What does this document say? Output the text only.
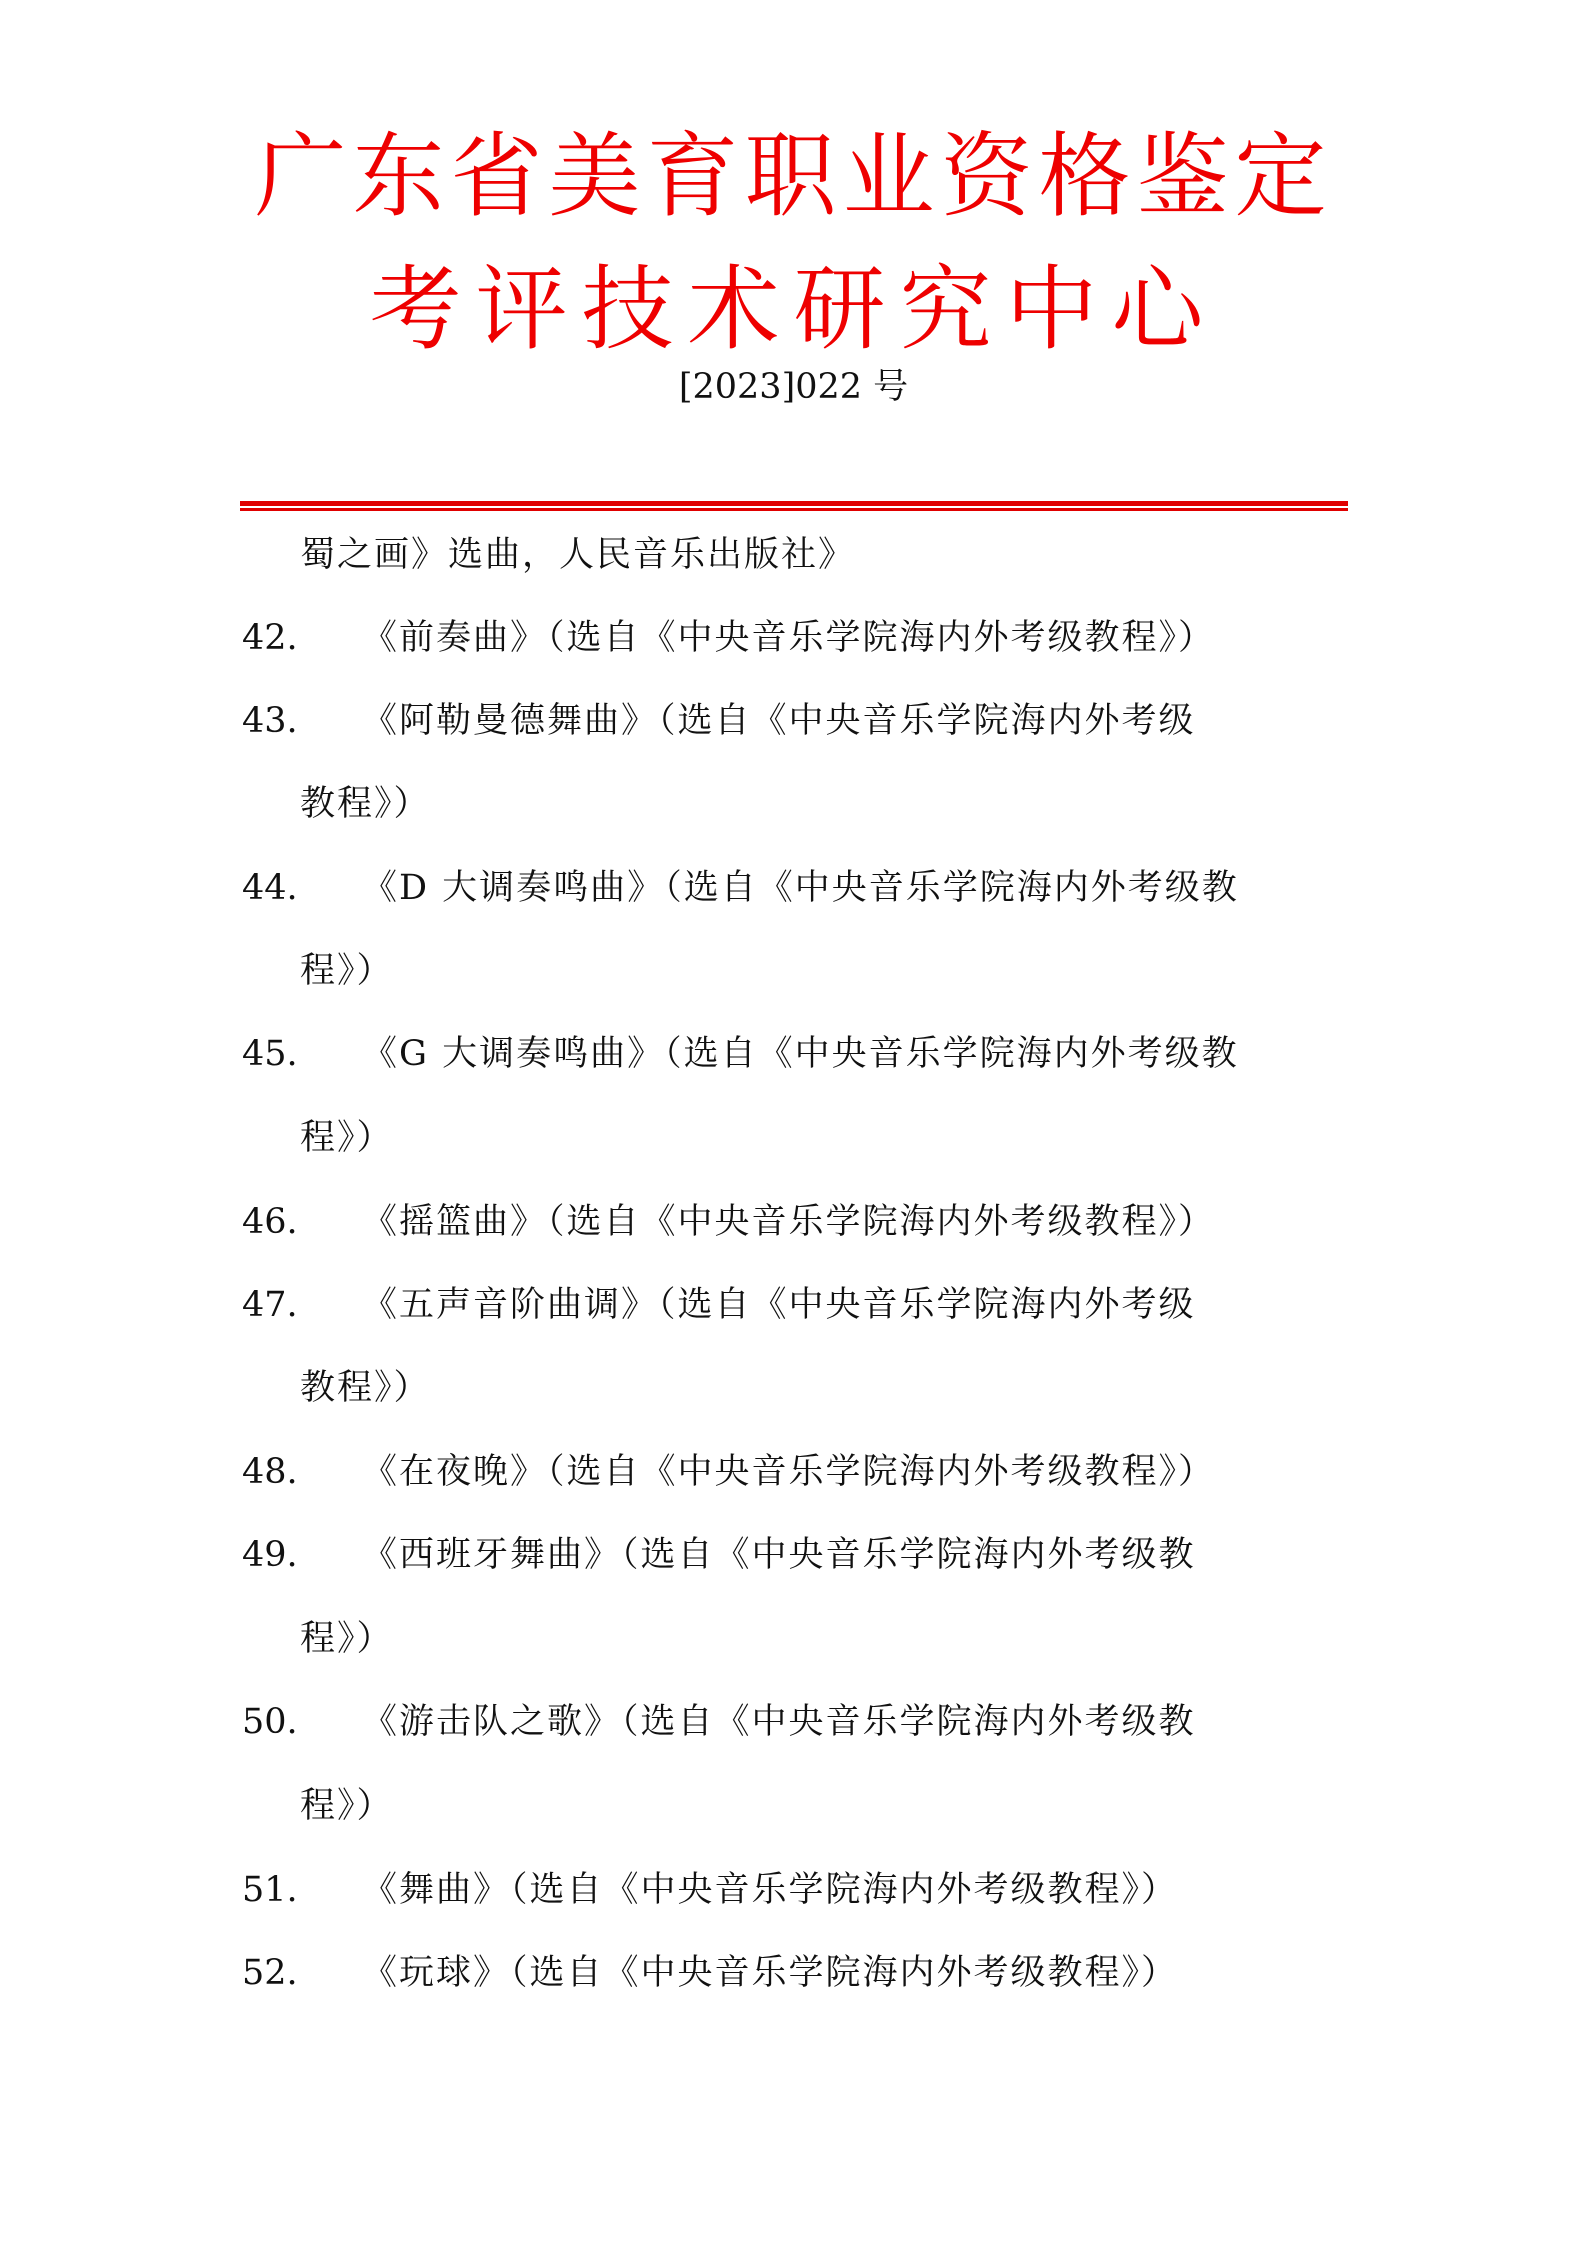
广东省美育职业资格鉴定
考评技术研究中心
[2023]022 号
蜀之画》选曲，人民音乐出版社》
42.	《前奏曲》（选自《中央音乐学院海内外考级教程》）
43.	《阿勒曼德舞曲》（选自《中央音乐学院海内外考级
教程》）
44.	《D 大调奏鸣曲》（选自《中央音乐学院海内外考级教
程》）
45.	《G 大调奏鸣曲》（选自《中央音乐学院海内外考级教
程》）
46.	《摇篮曲》（选自《中央音乐学院海内外考级教程》）
47.	《五声音阶曲调》（选自《中央音乐学院海内外考级
教程》）
48.	《在夜晚》（选自《中央音乐学院海内外考级教程》）
49.	《西班牙舞曲》（选自《中央音乐学院海内外考级教
程》）
50.	《游击队之歌》（选自《中央音乐学院海内外考级教
程》）
51.	《舞曲》（选自《中央音乐学院海内外考级教程》）
52.	《玩球》（选自《中央音乐学院海内外考级教程》）
